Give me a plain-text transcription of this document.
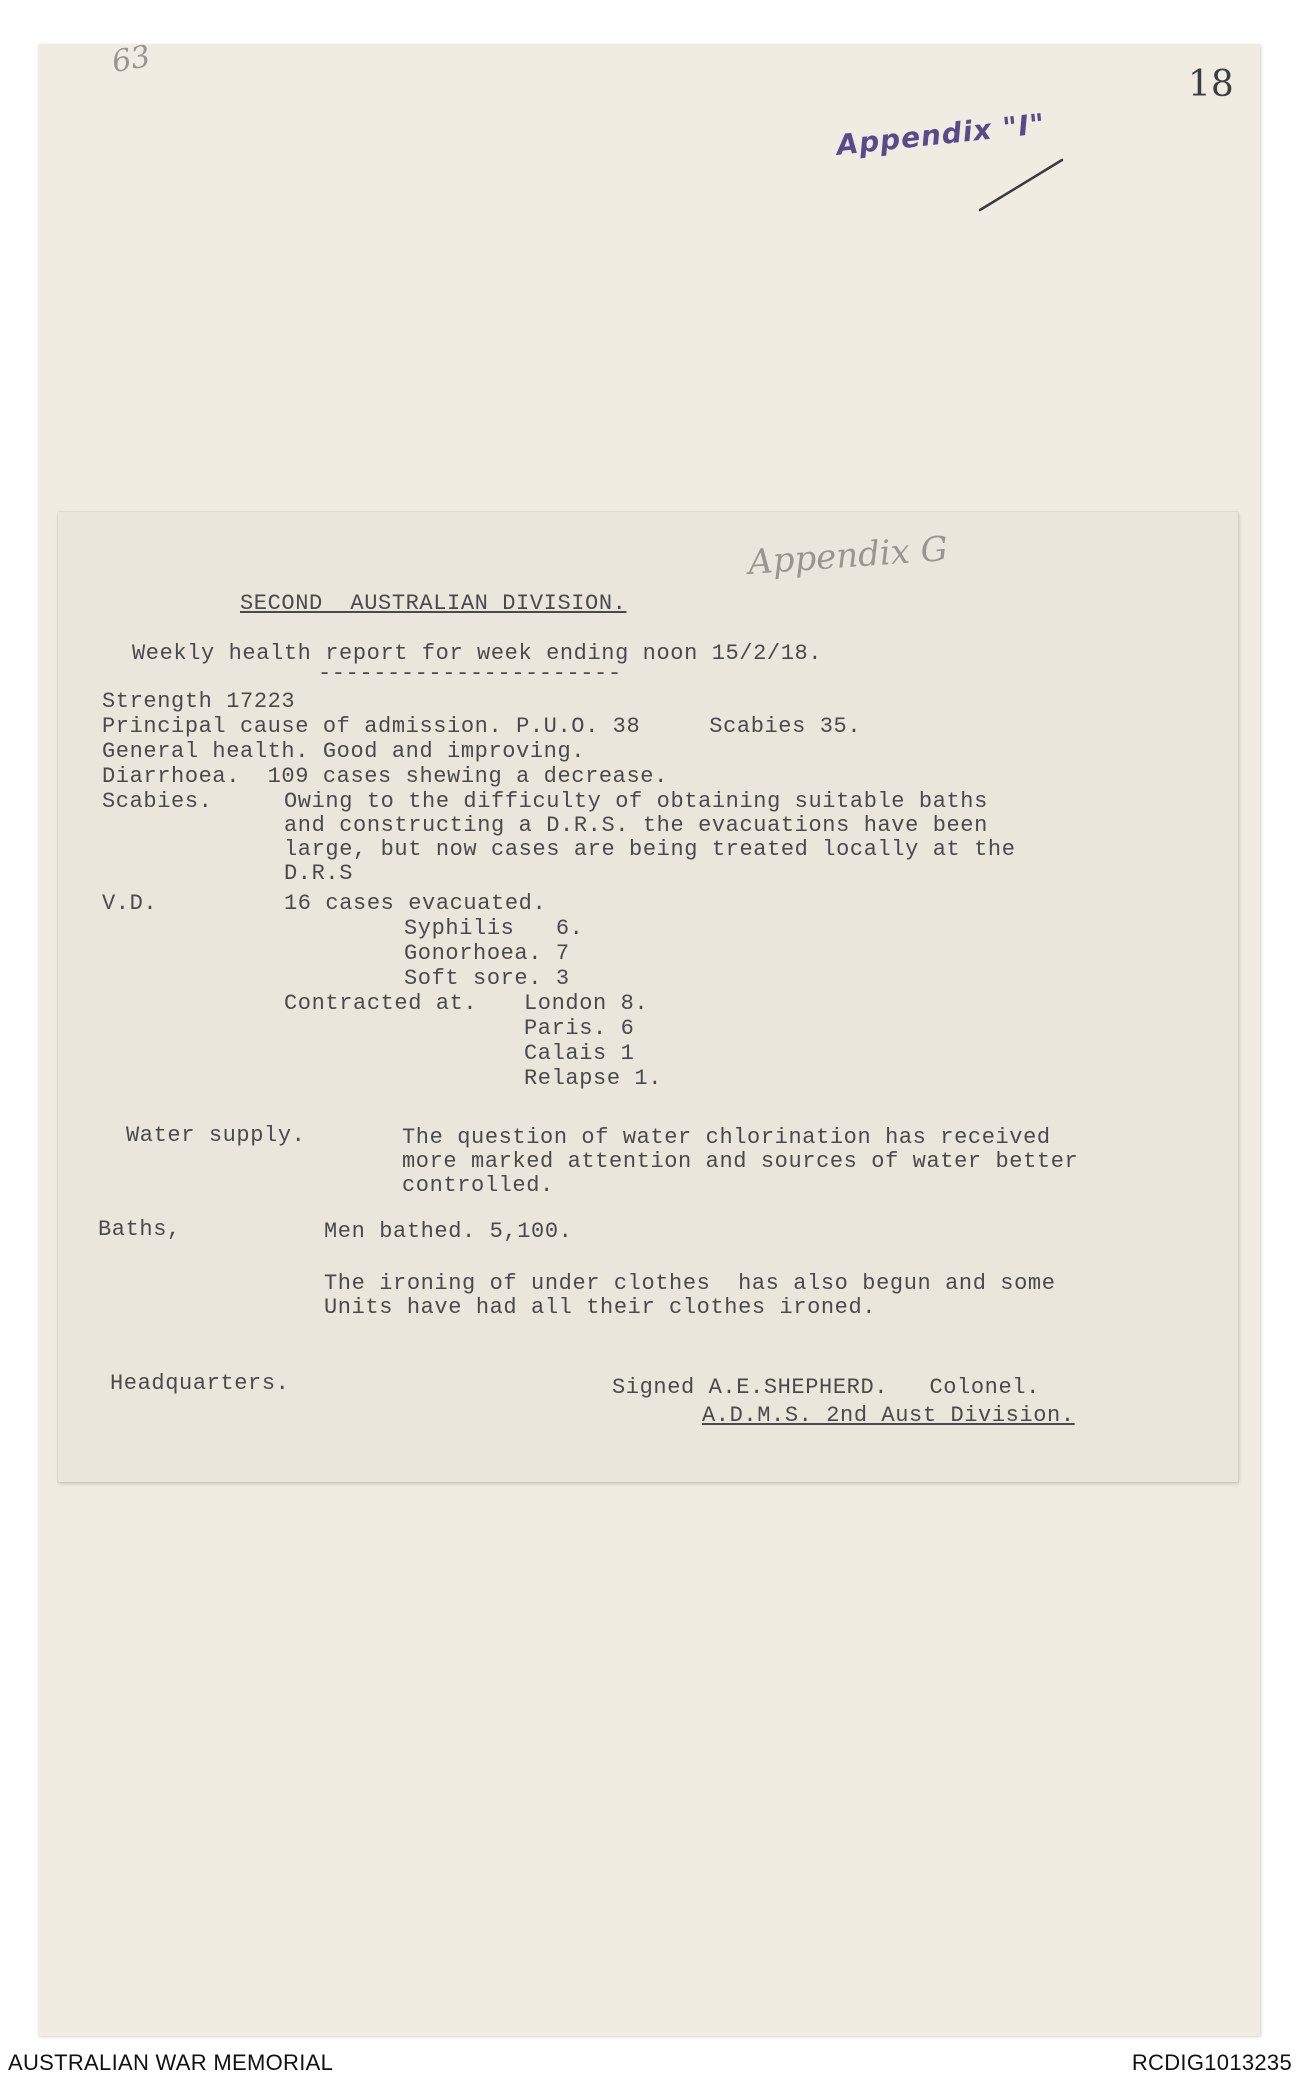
63
18
Appendix "I"
Appendix G
SECOND  AUSTRALIAN DIVISION.
Weekly health report for week ending noon 15/2/18.
----------------------
Strength 17223
Principal cause of admission. P.U.O. 38     Scabies 35.
General health. Good and improving.
Diarrhoea.  109 cases shewing a decrease.
Scabies.	Owing to the difficulty of obtaining suitable baths
and constructing a D.R.S. the evacuations have been
large, but now cases are being treated locally at the
D.R.S
V.D.	16 cases evacuated.
Syphilis   6.
Gonorhoea. 7
Soft sore. 3
Contracted at. London 8.
Paris. 6
Calais 1
Relapse 1.
Water supply.	The question of water chlorination has received
more marked attention and sources of water better
controlled.
Baths,	Men bathed. 5,100.
The ironing of under clothes  has also begun and some
Units have had all their clothes ironed.
Headquarters.	Signed A.E.SHEPHERD.   Colonel.
A.D.M.S. 2nd Aust Division.
AUSTRALIAN WAR MEMORIAL	RCDIG1013235
